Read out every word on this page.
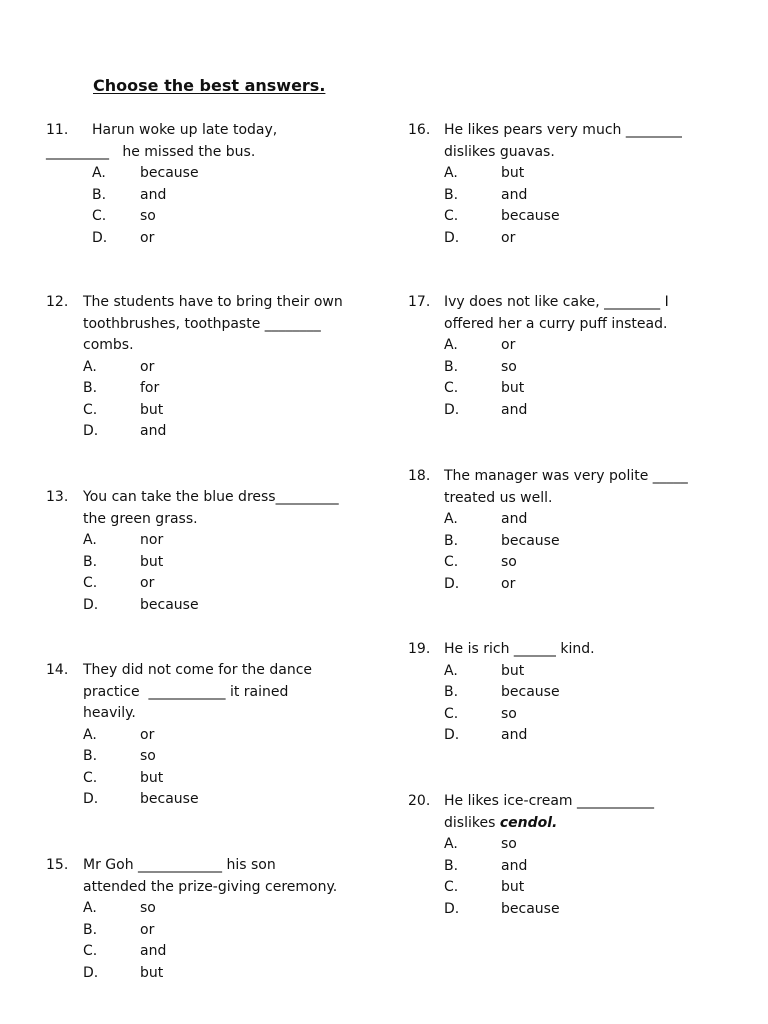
Choose the best answers.
11. Harun woke up late today,
_________   he missed the bus.
A. because
B. and
C. so
D. or
12. The students have to bring their own
toothbrushes, toothpaste ________
combs.
A.	or
B.	for
C.	but
D.	and
13. You can take the blue dress_________
the green grass.
A.	nor
B.	but
C.	or
D.	because
14. They did not come for the dance
practice  ___________ it rained
heavily.
A.	or
B.	so
C.	but
D.	because
15. Mr Goh ____________ his son
attended the prize-giving ceremony.
A.	so
B.	or
C.	and
D.	but
16. He likes pears very much ________
dislikes guavas.
A.	but
B.	and
C.	because
D.	or
17. Ivy does not like cake, ________ I
offered her a curry puff instead.
A.	or
B.	so
C.	but
D.	and
18. The manager was very polite _____
treated us well.
A.	and
B.	because
C.	so
D.	or
19. He is rich ______ kind.
A.	but
B.	because
C.	so
D.	and
20. He likes ice-cream ___________
dislikes cendol.
A.	so
B.	and
C.	but
D.	because
